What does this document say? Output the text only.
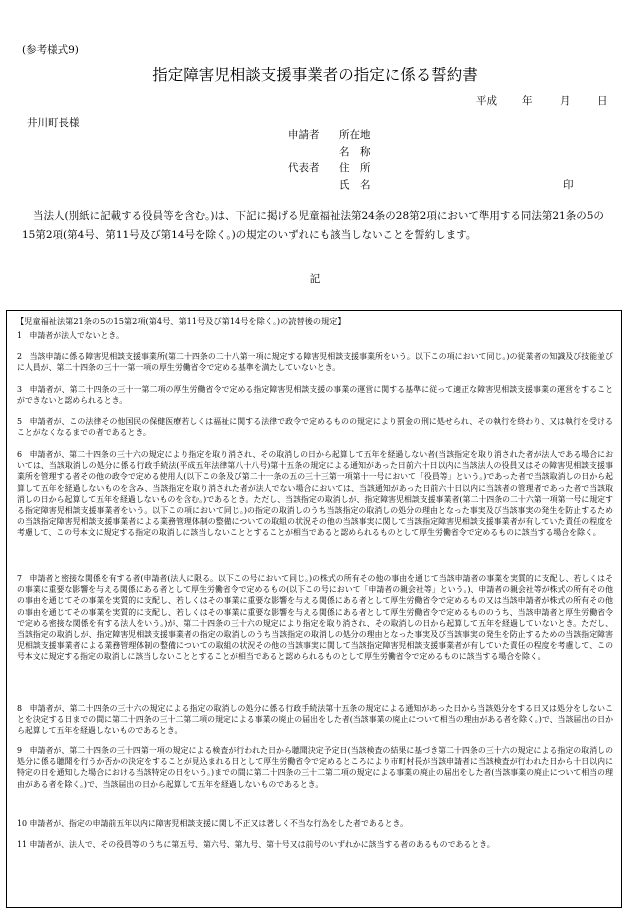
(参考様式9)
指定障害児相談支援事業者の指定に係る誓約書
平成 年	月	日
井川町長様
申請者 所在地
名　称
代表者 住　所
氏　名	印
当法人(別紙に記載する役員等を含む。)は、下記に掲げる児童福祉法第24条の28第2項において準用する同法第21条の5の15第2項(第4号、第11号及び第14号を除く。)の規定のいずれにも該当しないことを誓約します。
記
【児童福祉法第21条の5の15第2項(第4号、第11号及び第14号を除く。)の読替後の規定】
1 申請者が法人でないとき。
2 当該申請に係る障害児相談支援事業所(第二十四条の二十八第一項に規定する障害児相談支援事業所をいう。以下この項において同じ。)の従業者の知識及び技能並びに人員が、第二十四条の三十一第一項の厚生労働省令で定める基準を満たしていないとき。
3 申請者が、第二十四条の三十一第二項の厚生労働省令で定める指定障害児相談支援の事業の運営に関する基準に従って適正な障害児相談支援事業の運営をすることができないと認められるとき。
5 申請者が、この法律その他国民の保健医療若しくは福祉に関する法律で政令で定めるものの規定により罰金の刑に処せられ、その執行を終わり、又は執行を受けることがなくなるまでの者であるとき。
6 申請者が、第二十四条の三十六の規定により指定を取り消され、その取消しの日から起算して五年を経過しない者(当該指定を取り消された者が法人である場合においては、当該取消しの処分に係る行政手続法(平成五年法律第八十八号)第十五条の規定による通知があった日前六十日以内に当該法人の役員又はその障害児相談支援事業所を管理する者その他の政令で定める使用人(以下この条及び第二十一条の五の三十三第一項第十一号において「役員等」という。)であった者で当該取消しの日から起算して五年を経過しないものを含み、当該指定を取り消された者が法人でない場合においては、当該通知があった日前六十日以内に当該者の管理者であった者で当該取消しの日から起算して五年を経過しないものを含む。)であるとき。ただし、当該指定の取消しが、指定障害児相談支援事業者(第二十四条の二十六第一項第一号に規定する指定障害児相談支援事業者をいう。以下この項において同じ。)の指定の取消しのうち当該指定の取消しの処分の理由となった事実及び当該事実の発生を防止するための当該指定障害児相談支援事業者による業務管理体制の整備についての取組の状況その他の当該事実に関して当該指定障害児相談支援事業者が有していた責任の程度を考慮して、この号本文に規定する指定の取消しに該当しないこととすることが相当であると認められるものとして厚生労働省令で定めるものに該当する場合を除く。
7 申請者と密接な関係を有する者(申請者(法人に限る。以下この号において同じ。)の株式の所有その他の事由を通じて当該申請者の事業を実質的に支配し、若しくはその事業に重要な影響を与える関係にある者として厚生労働省令で定めるもの(以下この号において「申請者の親会社等」という。)、申請者の親会社等が株式の所有その他の事由を通じてその事業を実質的に支配し、若しくはその事業に重要な影響を与える関係にある者として厚生労働省令で定めるもの又は当該申請者が株式の所有その他の事由を通じてその事業を実質的に支配し、若しくはその事業に重要な影響を与える関係にある者として厚生労働省令で定めるもののうち、当該申請者と厚生労働省令で定める密接な関係を有する法人をいう。)が、第二十四条の三十六の規定により指定を取り消され、その取消しの日から起算して五年を経過していないとき。ただし、当該指定の取消しが、指定障害児相談支援事業者の指定の取消しのうち当該指定の取消しの処分の理由となった事実及び当該事実の発生を防止するための当該指定障害児相談支援事業者による業務管理体制の整備についての取組の状況その他の当該事実に関して当該指定障害児相談支援事業者が有していた責任の程度を考慮して、この号本文に規定する指定の取消しに該当しないこととすることが相当であると認められるものとして厚生労働省令で定めるものに該当する場合を除く。
8 申請者が、第二十四条の三十六の規定による指定の取消しの処分に係る行政手続法第十五条の規定による通知があった日から当該処分をする日又は処分をしないことを決定する日までの間に第二十四条の三十二第二項の規定による事業の廃止の届出をした者(当該事業の廃止について相当の理由がある者を除く。)で、当該届出の日から起算して五年を経過しないものであるとき。
9 申請者が、第二十四条の三十四第一項の規定による検査が行われた日から聴聞決定予定日(当該検査の結果に基づき第二十四条の三十六の規定による指定の取消しの処分に係る聴聞を行うか否かの決定をすることが見込まれる日として厚生労働省令で定めるところにより市町村長が当該申請者に当該検査が行われた日から十日以内に特定の日を通知した場合における当該特定の日をいう。)までの間に第二十四条の三十二第二項の規定による事業の廃止の届出をした者(当該事業の廃止について相当の理由がある者を除く。)で、当該届出の日から起算して五年を経過しないものであるとき。
10 申請者が、指定の申請前五年以内に障害児相談支援に関し不正又は著しく不当な行為をした者であるとき。
11 申請者が、法人で、その役員等のうちに第五号、第六号、第九号、第十号又は前号のいずれかに該当する者のあるものであるとき。
